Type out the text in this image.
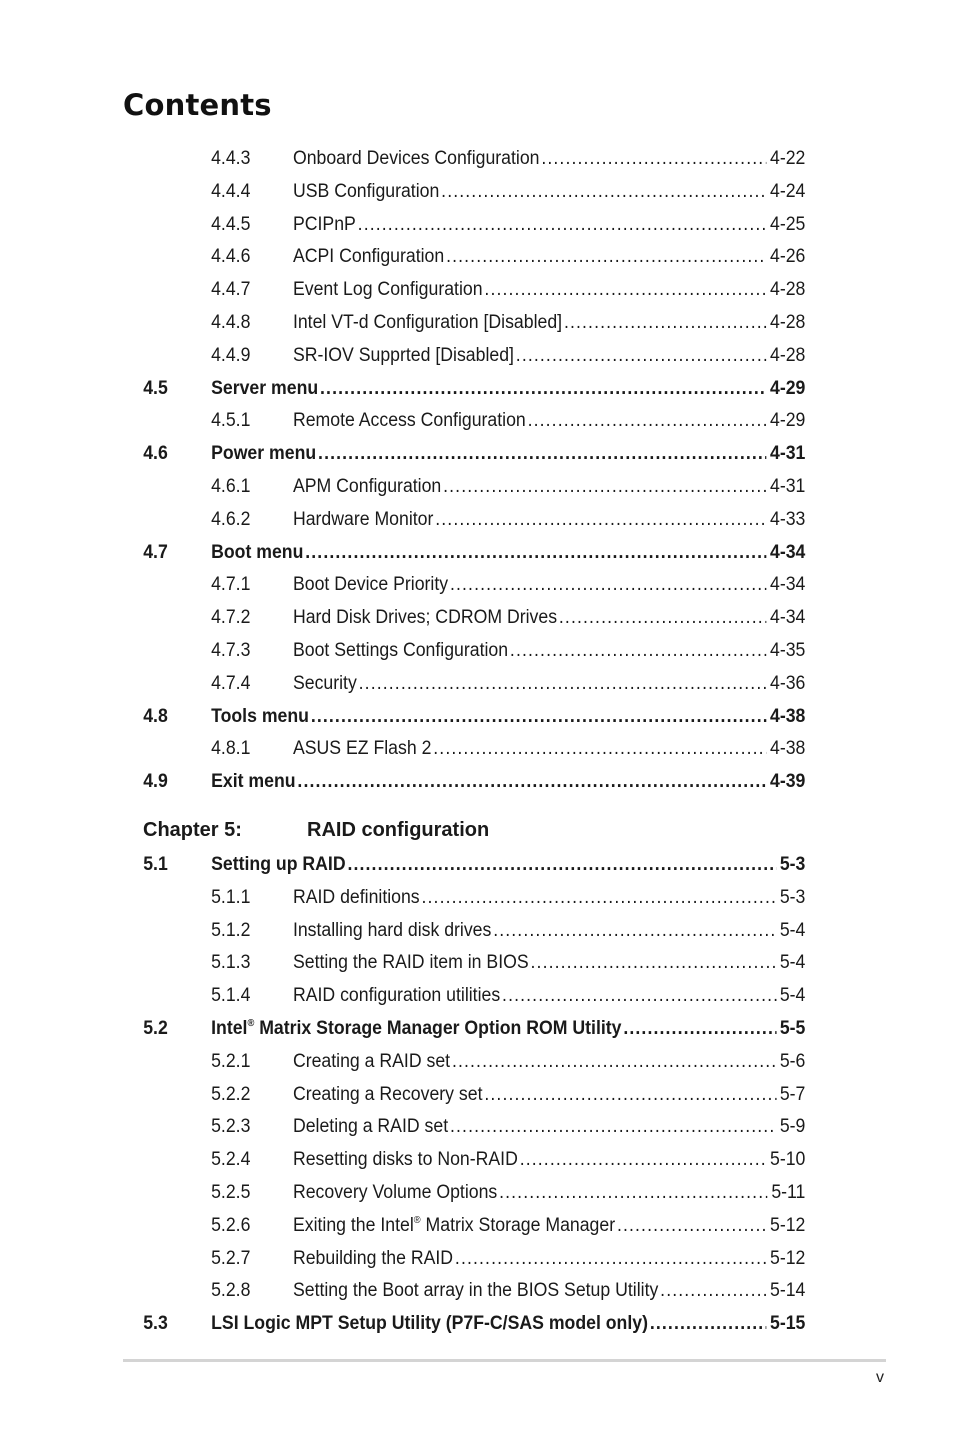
Contents
4.4.3 Onboard Devices Configuration .....	4-22
4.4.4 USB Configuration .....	4-24
4.4.5 PCIPnP .....	4-25
4.4.6 ACPI Configuration .....	4-26
4.4.7 Event Log Configuration .....	4-28
4.4.8 Intel VT-d Configuration [Disabled] .....	4-28
4.4.9 SR-IOV Supprted [Disabled] .....	4-28
4.5 Server menu .....	4-29
4.5.1 Remote Access Configuration .....	4-29
4.6 Power menu .....	4-31
4.6.1 APM Configuration .....	4-31
4.6.2 Hardware Monitor .....	4-33
4.7 Boot menu .....	4-34
4.7.1 Boot Device Priority .....	4-34
4.7.2 Hard Disk Drives; CDROM Drives .....	4-34
4.7.3 Boot Settings Configuration .....	4-35
4.7.4 Security .....	4-36
4.8 Tools menu .....	4-38
4.8.1 ASUS EZ Flash 2 .....	4-38
4.9 Exit menu .....	4-39
Chapter 5:	RAID configuration
5.1 Setting up RAID .....	5-3
5.1.1 RAID definitions .....	5-3
5.1.2 Installing hard disk drives .....	5-4
5.1.3 Setting the RAID item in BIOS .....	5-4
5.1.4 RAID configuration utilities .....	5-4
5.2 Intel® Matrix Storage Manager Option ROM Utility .....	5-5
5.2.1 Creating a RAID set .....	5-6
5.2.2 Creating a Recovery set .....	5-7
5.2.3 Deleting a RAID set .....	5-9
5.2.4 Resetting disks to Non-RAID .....	5-10
5.2.5 Recovery Volume Options .....	5-11
5.2.6 Exiting the Intel® Matrix Storage Manager .....	5-12
5.2.7 Rebuilding the RAID .....	5-12
5.2.8 Setting the Boot array in the BIOS Setup Utility .....	5-14
5.3 LSI Logic MPT Setup Utility (P7F-C/SAS model only) .....	5-15
v
